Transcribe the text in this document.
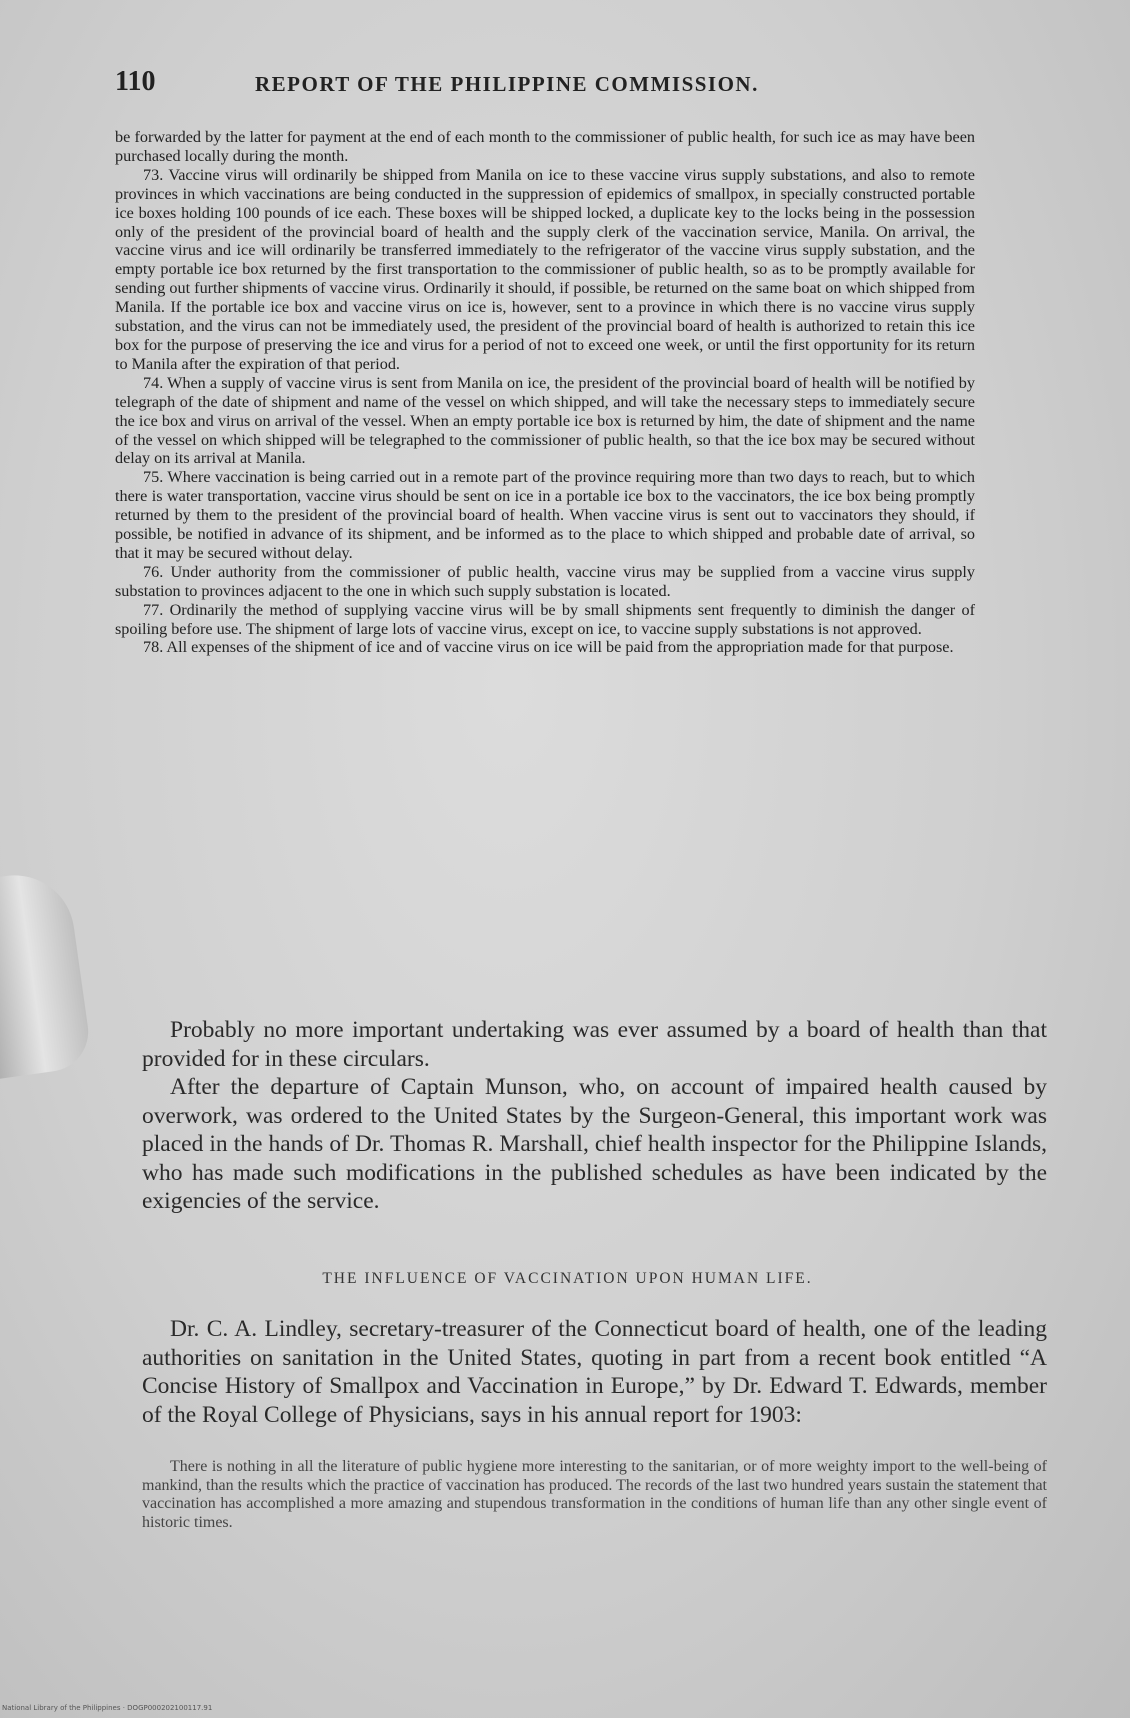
110	REPORT OF THE PHILIPPINE COMMISSION.

be forwarded by the latter for payment at the end of each month to the commissioner of public health, for such ice as may have been purchased locally during the month.

73. Vaccine virus will ordinarily be shipped from Manila on ice to these vaccine virus supply substations, and also to remote provinces in which vaccinations are being conducted in the suppression of epidemics of smallpox, in specially constructed portable ice boxes holding 100 pounds of ice each. These boxes will be shipped locked, a duplicate key to the locks being in the possession only of the president of the provincial board of health and the supply clerk of the vaccination service, Manila. On arrival, the vaccine virus and ice will ordinarily be transferred immediately to the refrigerator of the vaccine virus supply substation, and the empty portable ice box returned by the first transportation to the commissioner of public health, so as to be promptly available for sending out further shipments of vaccine virus. Ordinarily it should, if possible, be returned on the same boat on which shipped from Manila. If the portable ice box and vaccine virus on ice is, however, sent to a province in which there is no vaccine virus supply substation, and the virus can not be immediately used, the president of the provincial board of health is authorized to retain this ice box for the purpose of preserving the ice and virus for a period of not to exceed one week, or until the first opportunity for its return to Manila after the expiration of that period.

74. When a supply of vaccine virus is sent from Manila on ice, the president of the provincial board of health will be notified by telegraph of the date of shipment and name of the vessel on which shipped, and will take the necessary steps to immediately secure the ice box and virus on arrival of the vessel. When an empty portable ice box is returned by him, the date of shipment and the name of the vessel on which shipped will be telegraphed to the commissioner of public health, so that the ice box may be secured without delay on its arrival at Manila.

75. Where vaccination is being carried out in a remote part of the province requiring more than two days to reach, but to which there is water transportation, vaccine virus should be sent on ice in a portable ice box to the vaccinators, the ice box being promptly returned by them to the president of the provincial board of health. When vaccine virus is sent out to vaccinators they should, if possible, be notified in advance of its shipment, and be informed as to the place to which shipped and probable date of arrival, so that it may be secured without delay.

76. Under authority from the commissioner of public health, vaccine virus may be supplied from a vaccine virus supply substation to provinces adjacent to the one in which such supply substation is located.

77. Ordinarily the method of supplying vaccine virus will be by small shipments sent frequently to diminish the danger of spoiling before use. The shipment of large lots of vaccine virus, except on ice, to vaccine supply substations is not approved.

78. All expenses of the shipment of ice and of vaccine virus on ice will be paid from the appropriation made for that purpose.

Probably no more important undertaking was ever assumed by a board of health than that provided for in these circulars.

After the departure of Captain Munson, who, on account of impaired health caused by overwork, was ordered to the United States by the Surgeon-General, this important work was placed in the hands of Dr. Thomas R. Marshall, chief health inspector for the Philippine Islands, who has made such modifications in the published schedules as have been indicated by the exigencies of the service.

THE INFLUENCE OF VACCINATION UPON HUMAN LIFE.

Dr. C. A. Lindley, secretary-treasurer of the Connecticut board of health, one of the leading authorities on sanitation in the United States, quoting in part from a recent book entitled “A Concise History of Smallpox and Vaccination in Europe,” by Dr. Edward T. Edwards, member of the Royal College of Physicians, says in his annual report for 1903:

There is nothing in all the literature of public hygiene more interesting to the sanitarian, or of more weighty import to the well-being of mankind, than the results which the practice of vaccination has produced. The records of the last two hundred years sustain the statement that vaccination has accomplished a more amazing and stupendous transformation in the conditions of human life than any other single event of historic times.

National Library of the Philippines · DOGP000202100117.91
